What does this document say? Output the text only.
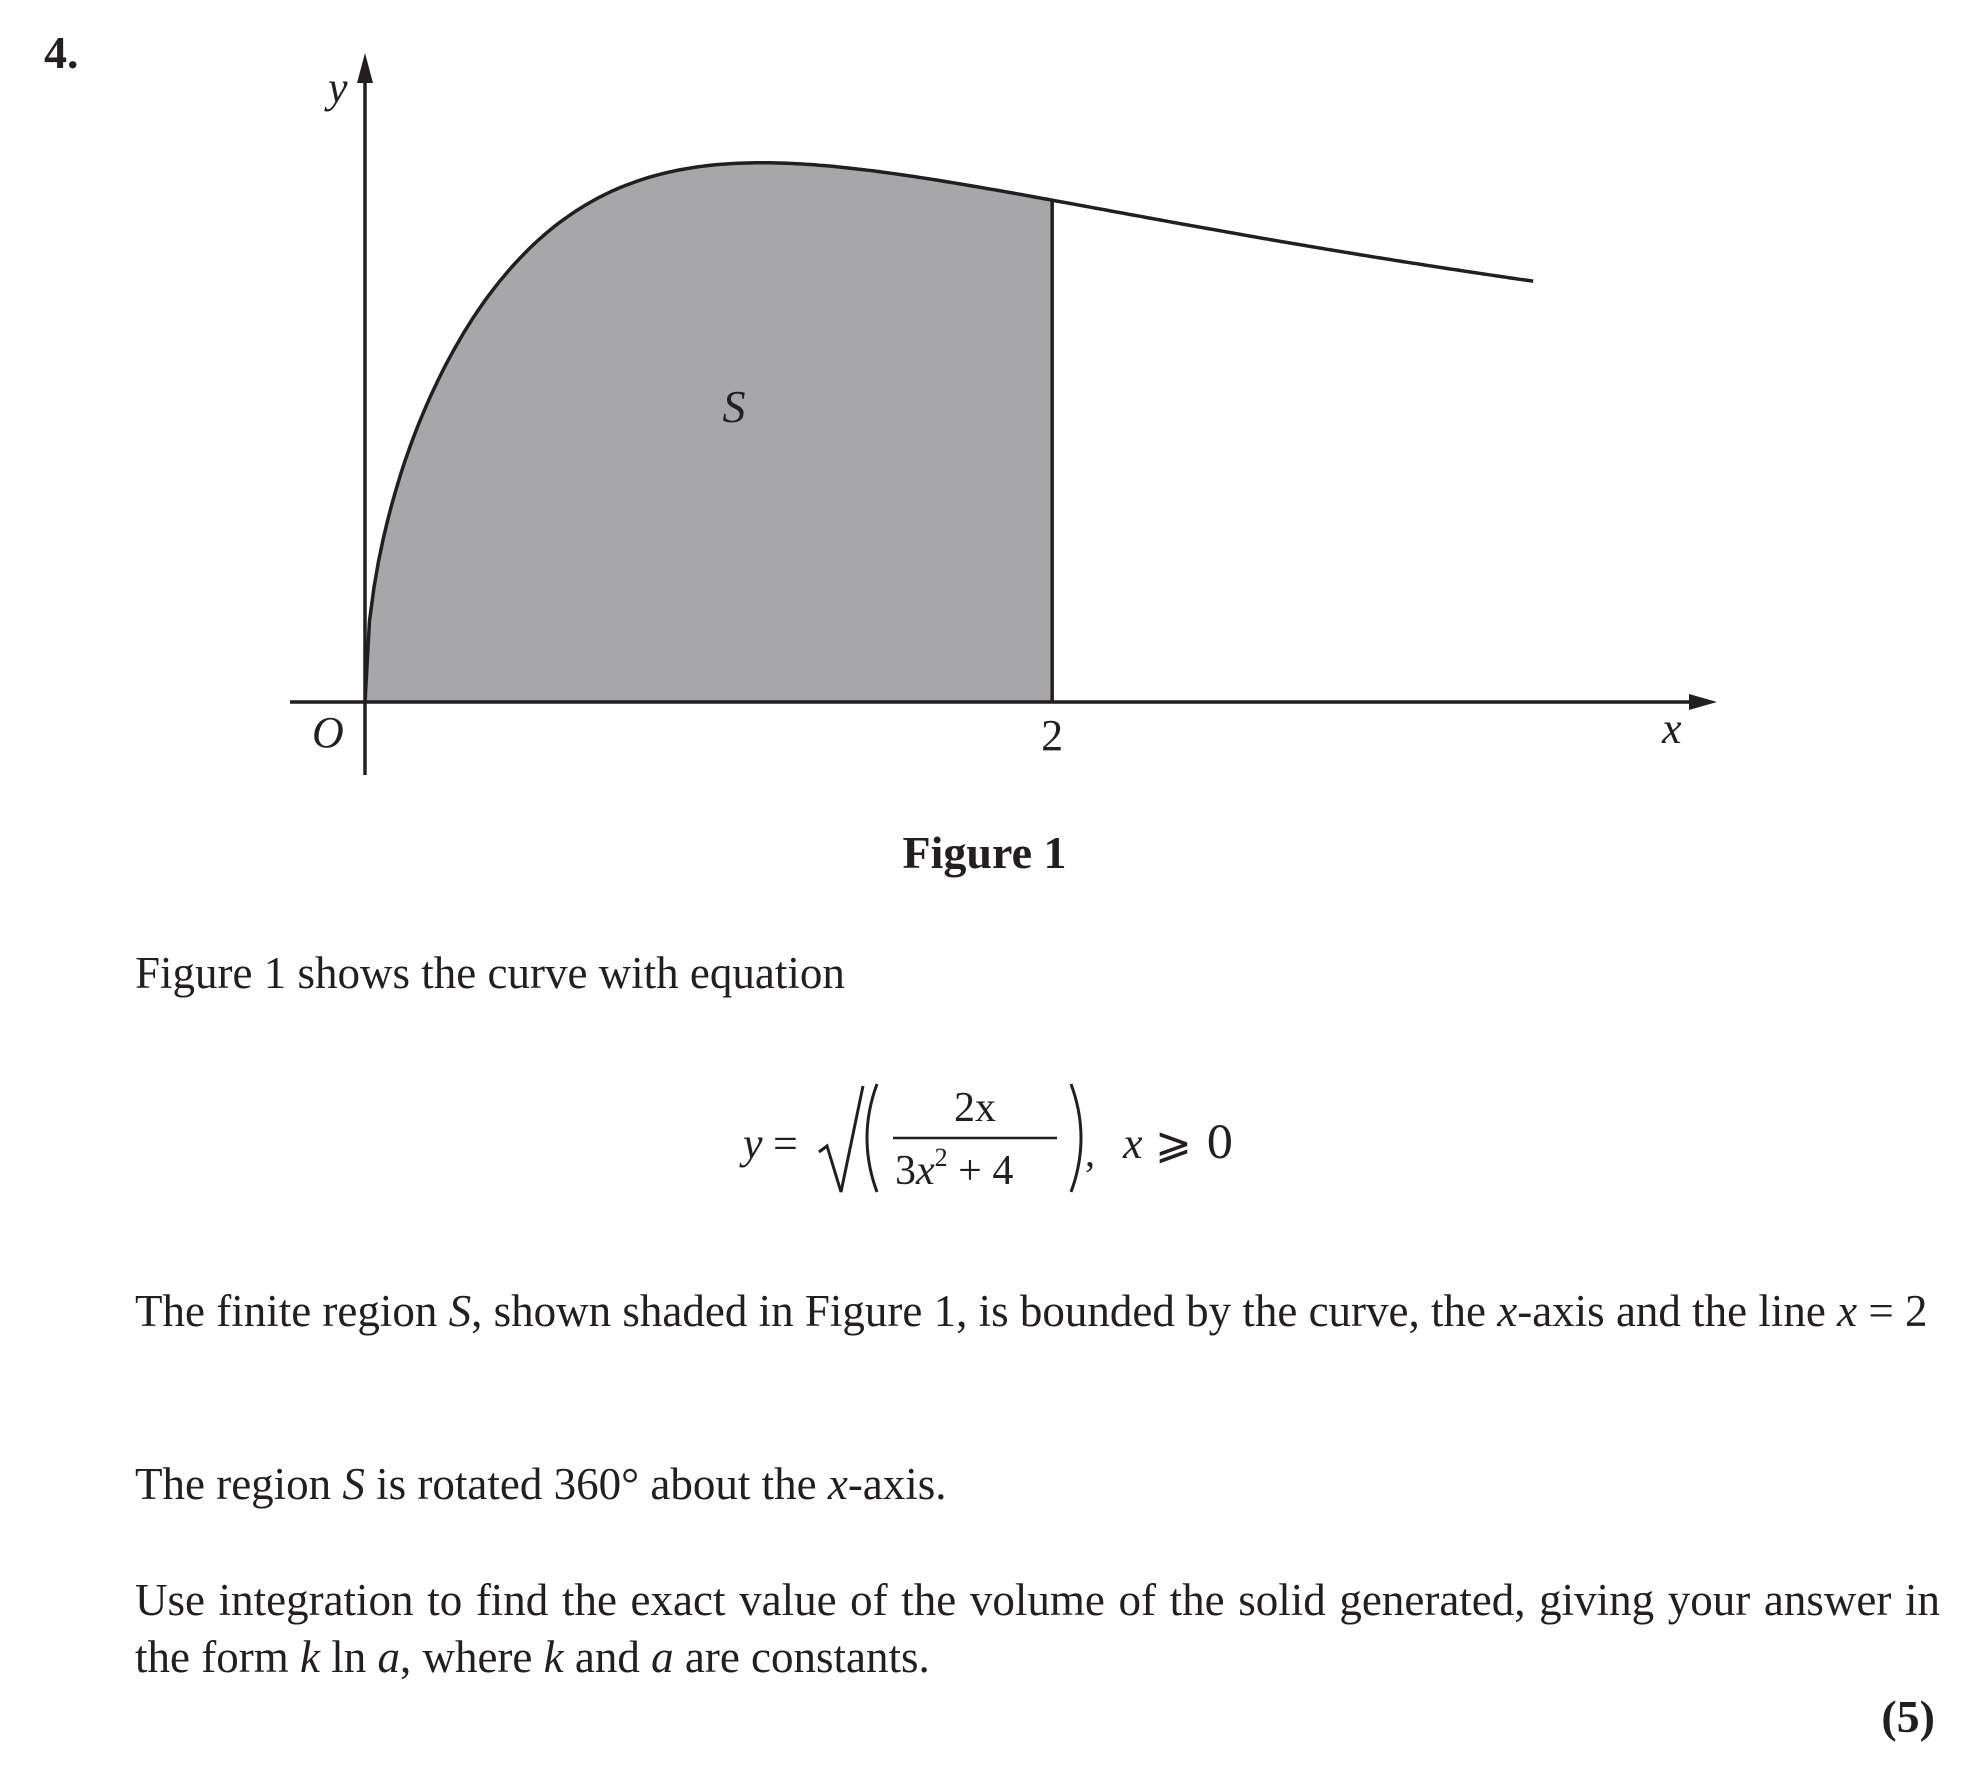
4.
O	2	x
y
S
Figure 1
Figure 1 shows the curve with equation
y =
2x
$3x^2 + 4$ , x ⩾ 0
The finite region S, shown shaded in Figure 1, is bounded by the curve, the x-axis and the line x = 2
The region S is rotated 360° about the x-axis.
Use integration to find the exact value of the volume of the solid generated, giving your answer in the form k ln a, where k and a are constants.
(5)
